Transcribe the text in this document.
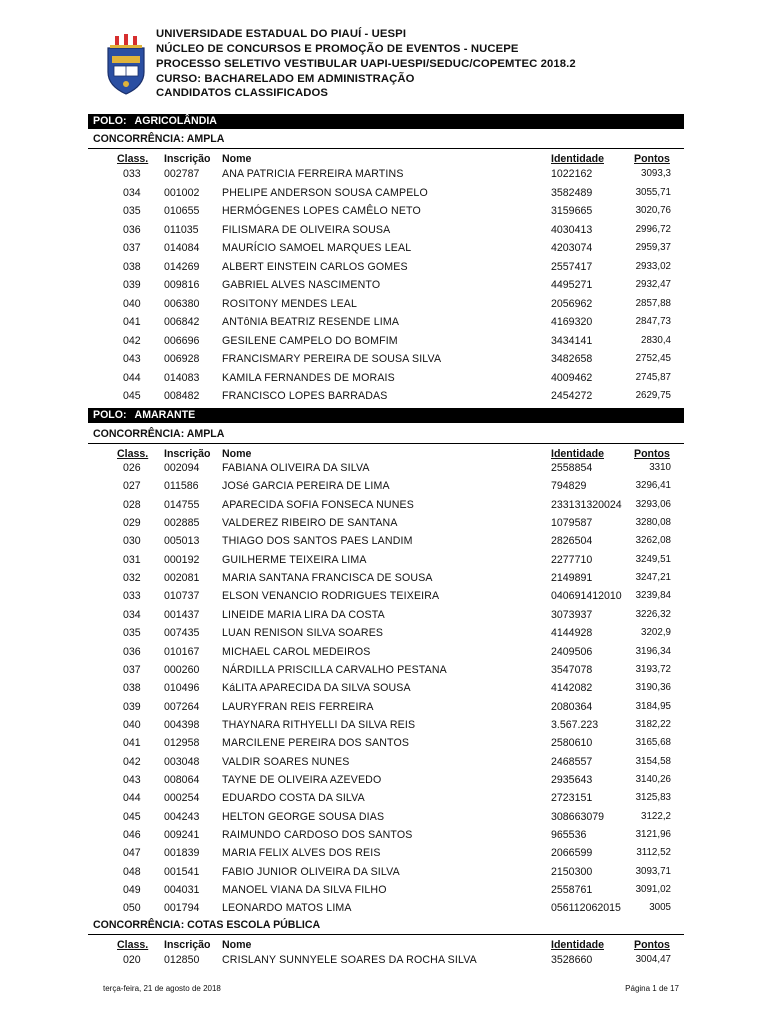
UNIVERSIDADE ESTADUAL DO PIAUÍ - UESPI
NÚCLEO DE CONCURSOS E PROMOÇÃO DE EVENTOS - NUCEPE
PROCESSO SELETIVO VESTIBULAR UAPI-UESPI/SEDUC/COPEMTEC 2018.2
CURSO: BACHARELADO EM ADMINISTRAÇÃO
CANDIDATOS CLASSIFICADOS
POLO: AGRICOLÂNDIA
CONCORRÊNCIA: AMPLA
Class. Inscrição Nome	Identidade	Pontos
033 002787 ANA PATRICIA FERREIRA MARTINS	1022162	3093,3
034 001002 PHELIPE ANDERSON SOUSA CAMPELO	3582489	3055,71
035 010655 HERMÓGENES LOPES CAMÊLO NETO	3159665	3020,76
036 011035 FILISMARA DE OLIVEIRA SOUSA	4030413	2996,72
037 014084 MAURÍCIO SAMOEL MARQUES LEAL	4203074	2959,37
038 014269 ALBERT EINSTEIN CARLOS GOMES	2557417	2933,02
039 009816 GABRIEL ALVES NASCIMENTO	4495271	2932,47
040 006380 ROSITONY MENDES LEAL	2056962	2857,88
041 006842 ANTôNIA BEATRIZ RESENDE LIMA	4169320	2847,73
042 006696 GESILENE CAMPELO DO BOMFIM	3434141	2830,4
043 006928 FRANCISMARY PEREIRA DE SOUSA SILVA	3482658	2752,45
044 014083 KAMILA FERNANDES DE MORAIS	4009462	2745,87
045 008482 FRANCISCO LOPES BARRADAS	2454272	2629,75
POLO: AMARANTE
CONCORRÊNCIA: AMPLA
Class. Inscrição Nome	Identidade	Pontos
026 002094 FABIANA OLIVEIRA DA SILVA	2558854	3310
027 011586 JOSé GARCIA PEREIRA DE LIMA	794829	3296,41
028 014755 APARECIDA SOFIA FONSECA NUNES	233131320024 3293,06
029 002885 VALDEREZ RIBEIRO DE SANTANA	1079587	3280,08
030 005013 THIAGO DOS SANTOS PAES LANDIM	2826504	3262,08
031 000192 GUILHERME TEIXEIRA LIMA	2277710	3249,51
032 002081 MARIA SANTANA FRANCISCA DE SOUSA	2149891	3247,21
033 010737 ELSON VENANCIO RODRIGUES TEIXEIRA	040691412010 3239,84
034 001437 LINEIDE MARIA LIRA DA COSTA	3073937	3226,32
035 007435 LUAN RENISON SILVA SOARES	4144928	3202,9
036 010167 MICHAEL CAROL MEDEIROS	2409506	3196,34
037 000260 NÁRDILLA PRISCILLA CARVALHO PESTANA	3547078	3193,72
038 010496 KáLITA APARECIDA DA SILVA SOUSA	4142082	3190,36
039 007264 LAURYFRAN REIS FERREIRA	2080364	3184,95
040 004398 THAYNARA RITHYELLI DA SILVA REIS	3.567.223	3182,22
041 012958 MARCILENE PEREIRA DOS SANTOS	2580610	3165,68
042 003048 VALDIR SOARES NUNES	2468557	3154,58
043 008064 TAYNE DE OLIVEIRA AZEVEDO	2935643	3140,26
044 000254 EDUARDO COSTA DA SILVA	2723151	3125,83
045 004243 HELTON GEORGE SOUSA DIAS	308663079	3122,2
046 009241 RAIMUNDO CARDOSO DOS SANTOS	965536	3121,96
047 001839 MARIA FELIX ALVES DOS REIS	2066599	3112,52
048 001541 FABIO JUNIOR OLIVEIRA DA SILVA	2150300	3093,71
049 004031 MANOEL VIANA DA SILVA FILHO	2558761	3091,02
050 001794 LEONARDO MATOS LIMA	056112062015	3005
CONCORRÊNCIA: COTAS ESCOLA PÚBLICA
Class. Inscrição Nome	Identidade	Pontos
020 012850 CRISLANY SUNNYELE SOARES DA ROCHA SILVA	3528660	3004,47
terça-feira, 21 de agosto de 2018	Página 1 de 17
